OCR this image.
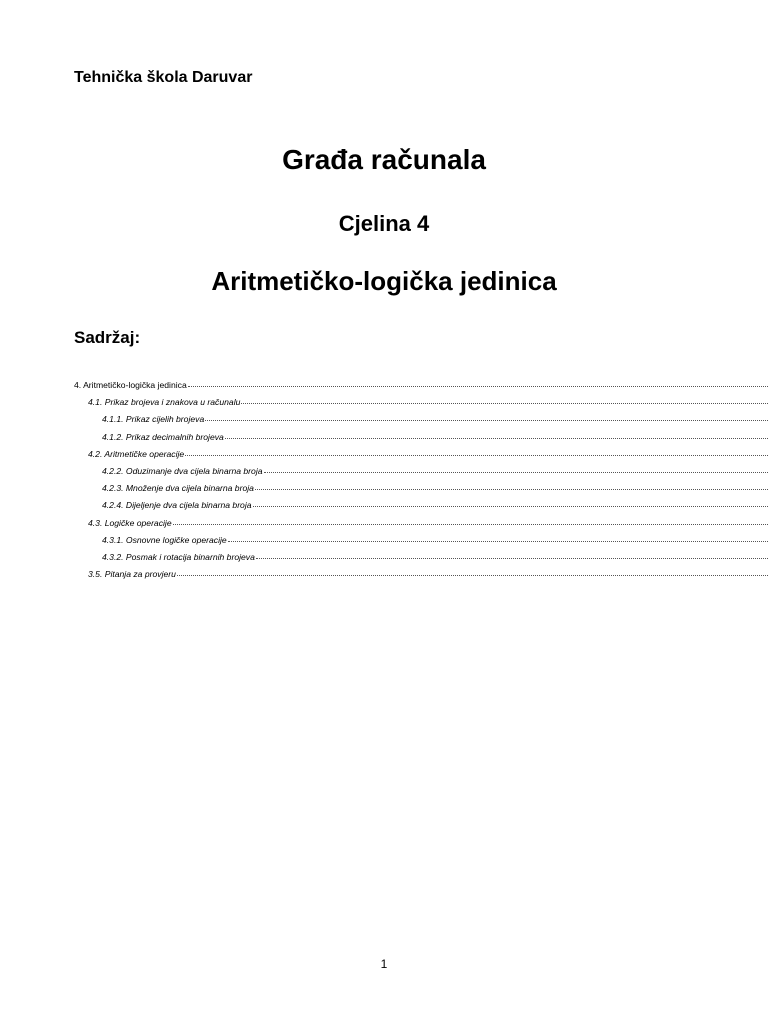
Tehnička škola Daruvar
Građa računala
Cjelina 4
Aritmetičko-logička jedinica
Sadržaj:
4. Aritmetičko-logička jedinica
4.1. Prikaz brojeva i znakova u računalu
4.1.1. Prikaz cijelih brojeva
4.1.2. Prikaz decimalnih brojeva
4.2. Aritmetičke operacije
4.2.2. Oduzimanje dva cijela binarna broja
4.2.3. Množenje dva cijela binarna broja
4.2.4. Dijeljenje dva cijela binarna broja
4.3. Logičke operacije
4.3.1. Osnovne logičke operacije
4.3.2. Posmak i rotacija binarnih brojeva
3.5. Pitanja za provjeru
1
